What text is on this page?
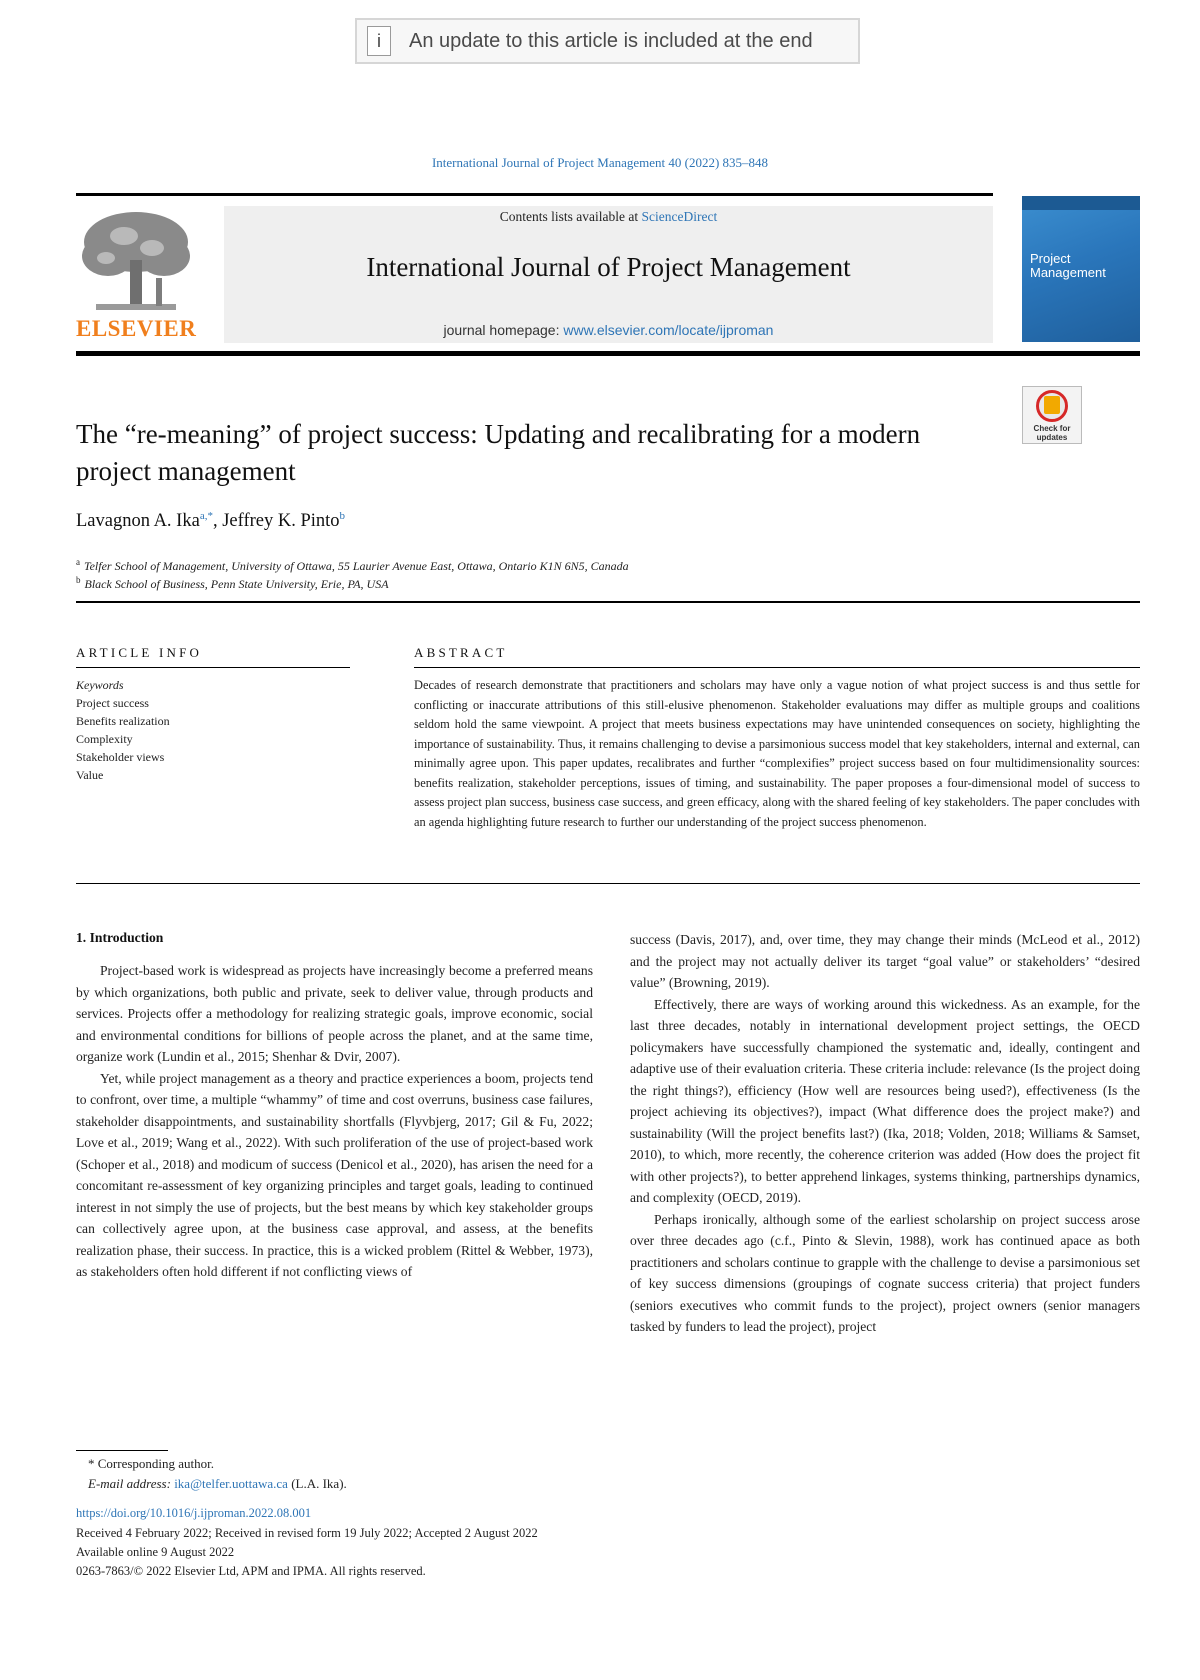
i	An update to this article is included at the end
International Journal of Project Management 40 (2022) 835–848
ELSEVIER
Contents lists available at ScienceDirect
International Journal of Project Management
journal homepage: www.elsevier.com/locate/ijproman
Project Management
The “re-meaning” of project success: Updating and recalibrating for a modern project management
Check for updates
Lavagnon A. Ika$^{a,*}$, Jeffrey K. Pinto$^b$
$^a$ Telfer School of Management, University of Ottawa, 55 Laurier Avenue East, Ottawa, Ontario K1N 6N5, Canada
$^b$ Black School of Business, Penn State University, Erie, PA, USA
ARTICLE INFO	ABSTRACT
Keywords
Project success
Benefits realization
Complexity
Stakeholder views
Value
Decades of research demonstrate that practitioners and scholars may have only a vague notion of what project success is and thus settle for conflicting or inaccurate attributions of this still-elusive phenomenon. Stakeholder evaluations may differ as multiple groups and coalitions seldom hold the same viewpoint. A project that meets business expectations may have unintended consequences on society, highlighting the importance of sustainability. Thus, it remains challenging to devise a parsimonious success model that key stakeholders, internal and external, can minimally agree upon. This paper updates, recalibrates and further “complexifies” project success based on four multidimensionality sources: benefits realization, stakeholder perceptions, issues of timing, and sustainability. The paper proposes a four-dimensional model of success to assess project plan success, business case success, and green efficacy, along with the shared feeling of key stakeholders. The paper concludes with an agenda highlighting future research to further our understanding of the project success phenomenon.
1. Introduction

Project-based work is widespread as projects have increasingly become a preferred means by which organizations, both public and private, seek to deliver value, through products and services. Projects offer a methodology for realizing strategic goals, improve economic, social and environmental conditions for billions of people across the planet, and at the same time, organize work (Lundin et al., 2015; Shenhar & Dvir, 2007).

Yet, while project management as a theory and practice experiences a boom, projects tend to confront, over time, a multiple “whammy” of time and cost overruns, business case failures, stakeholder disappointments, and sustainability shortfalls (Flyvbjerg, 2017; Gil & Fu, 2022; Love et al., 2019; Wang et al., 2022). With such proliferation of the use of project-based work (Schoper et al., 2018) and modicum of success (Denicol et al., 2020), has arisen the need for a concomitant re-assessment of key organizing principles and target goals, leading to continued interest in not simply the use of projects, but the best means by which key stakeholder groups can collectively agree upon, at the business case approval, and assess, at the benefits realization phase, their success. In practice, this is a wicked problem (Rittel & Webber, 1973), as stakeholders often hold different if not conflicting views of

success (Davis, 2017), and, over time, they may change their minds (McLeod et al., 2012) and the project may not actually deliver its target “goal value” or stakeholders’ “desired value” (Browning, 2019).

Effectively, there are ways of working around this wickedness. As an example, for the last three decades, notably in international development project settings, the OECD policymakers have successfully championed the systematic and, ideally, contingent and adaptive use of their evaluation criteria. These criteria include: relevance (Is the project doing the right things?), efficiency (How well are resources being used?), effectiveness (Is the project achieving its objectives?), impact (What difference does the project make?) and sustainability (Will the project benefits last?) (Ika, 2018; Volden, 2018; Williams & Samset, 2010), to which, more recently, the coherence criterion was added (How does the project fit with other projects?), to better apprehend linkages, systems thinking, partnerships dynamics, and complexity (OECD, 2019).

Perhaps ironically, although some of the earliest scholarship on project success arose over three decades ago (c.f., Pinto & Slevin, 1988), work has continued apace as both practitioners and scholars continue to grapple with the challenge to devise a parsimonious set of key success dimensions (groupings of cognate success criteria) that project funders (seniors executives who commit funds to the project), project owners (senior managers tasked by funders to lead the project), project

* Corresponding author.
E-mail address: ika@telfer.uottawa.ca (L.A. Ika).
https://doi.org/10.1016/j.ijproman.2022.08.001
Received 4 February 2022; Received in revised form 19 July 2022; Accepted 2 August 2022
Available online 9 August 2022
0263-7863/© 2022 Elsevier Ltd, APM and IPMA. All rights reserved.
